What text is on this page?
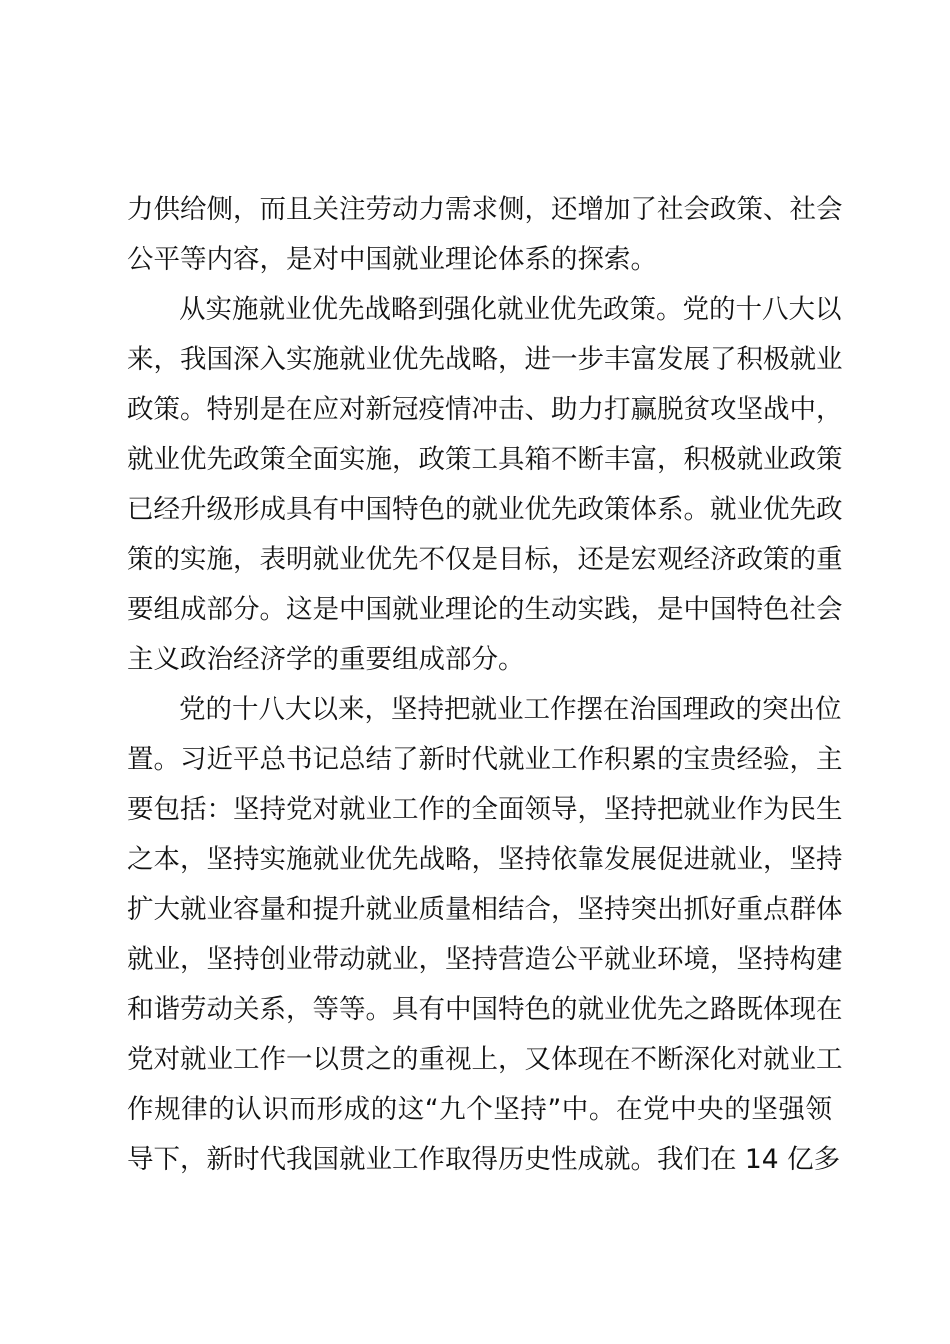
力供给侧，而且关注劳动力需求侧，还增加了社会政策、社会
公平等内容，是对中国就业理论体系的探索。
从实施就业优先战略到强化就业优先政策。党的十八大以
来，我国深入实施就业优先战略，进一步丰富发展了积极就业
政策。特别是在应对新冠疫情冲击、助力打赢脱贫攻坚战中，
就业优先政策全面实施，政策工具箱不断丰富，积极就业政策
已经升级形成具有中国特色的就业优先政策体系。就业优先政
策的实施，表明就业优先不仅是目标，还是宏观经济政策的重
要组成部分。这是中国就业理论的生动实践，是中国特色社会
主义政治经济学的重要组成部分。
党的十八大以来，坚持把就业工作摆在治国理政的突出位
置。习近平总书记总结了新时代就业工作积累的宝贵经验，主
要包括：坚持党对就业工作的全面领导，坚持把就业作为民生
之本，坚持实施就业优先战略，坚持依靠发展促进就业，坚持
扩大就业容量和提升就业质量相结合，坚持突出抓好重点群体
就业，坚持创业带动就业，坚持营造公平就业环境，坚持构建
和谐劳动关系，等等。具有中国特色的就业优先之路既体现在
党对就业工作一以贯之的重视上，又体现在不断深化对就业工
作规律的认识而形成的这“九个坚持”中。在党中央的坚强领
导下，新时代我国就业工作取得历史性成就。我们在 14 亿多
